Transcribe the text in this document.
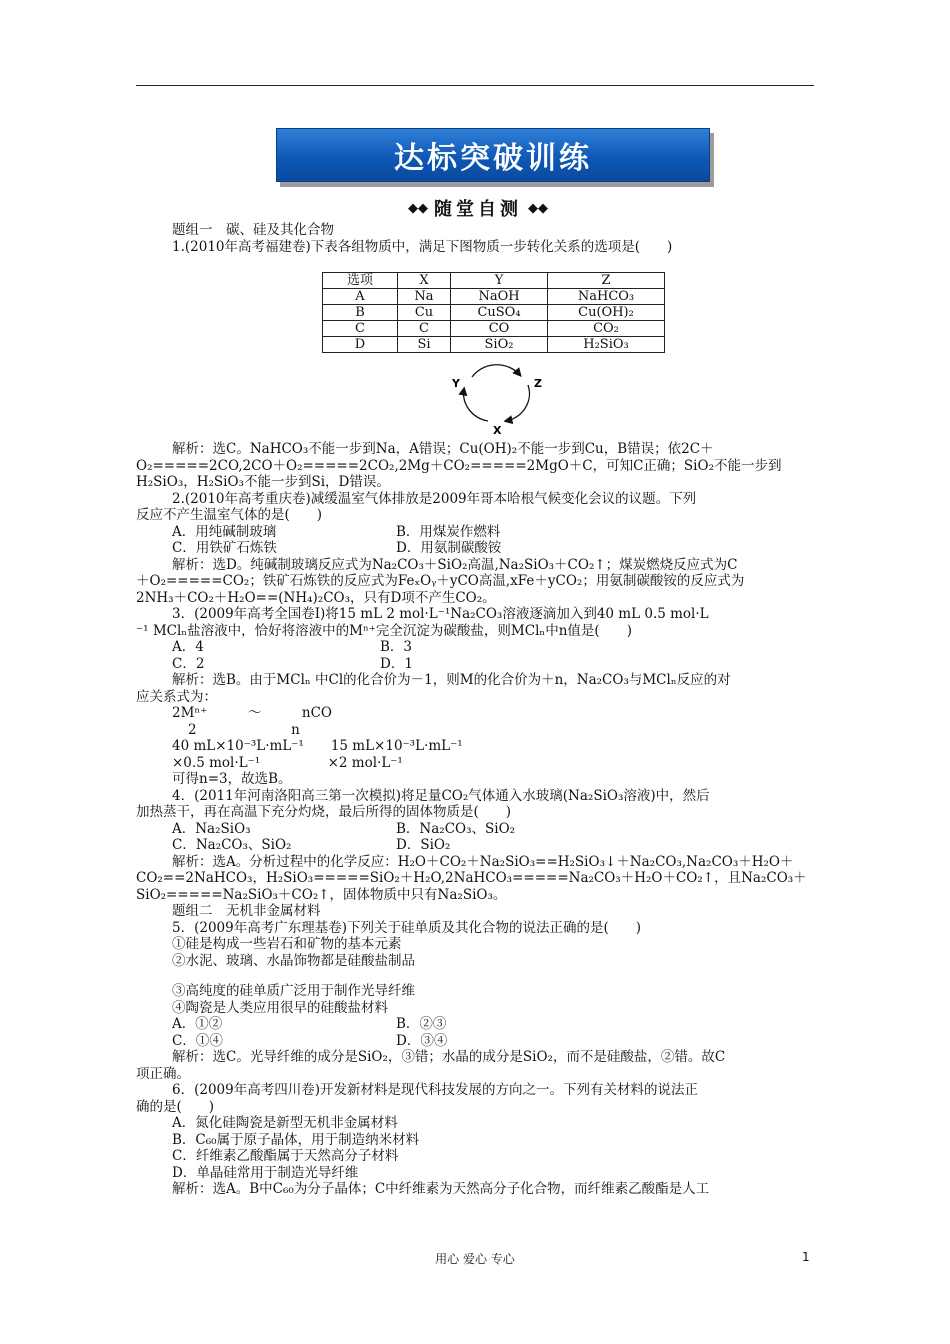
达标突破训练
◆◆ 随堂自测 ◆◆

题组一　碳、硅及其化合物

1.(2010年高考福建卷)下表各组物质中，满足下图物质一步转化关系的选项是(　　)

选项	X	Y	Z
A	Na	NaOH	NaHCO₃
B	Cu	CuSO₄	Cu(OH)₂
C	C	CO	CO₂
D	Si	SiO₂	H₂SiO₃
Y	Z
X

解析：选C。NaHCO₃不能一步到Na，A错误；Cu(OH)₂不能一步到Cu，B错误；依2C＋

O₂=====2CO,2CO＋O₂=====2CO₂,2Mg＋CO₂=====2MgO＋C，可知C正确；SiO₂不能一步到

H₂SiO₃，H₂SiO₃不能一步到Si，D错误。

2.(2010年高考重庆卷)减缓温室气体排放是2009年哥本哈根气候变化会议的议题。下列

反应不产生温室气体的是(　　)

A．用纯碱制玻璃	B．用煤炭作燃料
C．用铁矿石炼铁	D．用氨制碳酸铵

解析：选D。纯碱制玻璃反应式为Na₂CO₃＋SiO₂高温,Na₂SiO₃＋CO₂↑；煤炭燃烧反应式为C

＋O₂=====CO₂；铁矿石炼铁的反应式为FeₓOᵧ＋yCO高温,xFe＋yCO₂；用氨制碳酸铵的反应式为

2NH₃＋CO₂＋H₂O==(NH₄)₂CO₃，只有D项不产生CO₂。

3．(2009年高考全国卷Ⅰ)将15 mL 2 mol·L⁻¹Na₂CO₃溶液逐滴加入到40 mL 0.5 mol·L

⁻¹ MClₙ盐溶液中，恰好将溶液中的Mⁿ⁺完全沉淀为碳酸盐，则MClₙ中n值是(　　)

A．4	B．3
C．2	D．1

解析：选B。由于MClₙ 中Cl的化合价为－1，则M的化合价为＋n，Na₂CO₃与MClₙ反应的对

应关系式为：

2Mⁿ⁺　　　～　　　nCO

2　　　　　　　n

40 mL×10⁻³L·mL⁻¹　　15 mL×10⁻³L·mL⁻¹

×0.5 mol·L⁻¹　　　　　×2 mol·L⁻¹

可得n=3，故选B。

4．(2011年河南洛阳高三第一次模拟)将足量CO₂气体通入水玻璃(Na₂SiO₃溶液)中，然后

加热蒸干，再在高温下充分灼烧，最后所得的固体物质是(　　)

A．Na₂SiO₃	B．Na₂CO₃、SiO₂
C．Na₂CO₃、SiO₂	D．SiO₂

解析：选A。分析过程中的化学反应：H₂O＋CO₂＋Na₂SiO₃==H₂SiO₃↓＋Na₂CO₃,Na₂CO₃＋H₂O＋

CO₂==2NaHCO₃，H₂SiO₃=====SiO₂＋H₂O,2NaHCO₃=====Na₂CO₃＋H₂O＋CO₂↑，且Na₂CO₃＋

SiO₂=====Na₂SiO₃＋CO₂↑，固体物质中只有Na₂SiO₃。

题组二　无机非金属材料

5．(2009年高考广东理基卷)下列关于硅单质及其化合物的说法正确的是(　　)

①硅是构成一些岩石和矿物的基本元素

②水泥、玻璃、水晶饰物都是硅酸盐制品

③高纯度的硅单质广泛用于制作光导纤维

④陶瓷是人类应用很早的硅酸盐材料

A．①②	B．②③
C．①④	D．③④

解析：选C。光导纤维的成分是SiO₂，③错；水晶的成分是SiO₂，而不是硅酸盐，②错。故C

项正确。

6．(2009年高考四川卷)开发新材料是现代科技发展的方向之一。下列有关材料的说法正

确的是(　　)

A．氮化硅陶瓷是新型无机非金属材料

B．C₆₀属于原子晶体，用于制造纳米材料

C．纤维素乙酸酯属于天然高分子材料

D．单晶硅常用于制造光导纤维

解析：选A。B中C₆₀为分子晶体；C中纤维素为天然高分子化合物，而纤维素乙酸酯是人工

用心 爱心 专心	1
